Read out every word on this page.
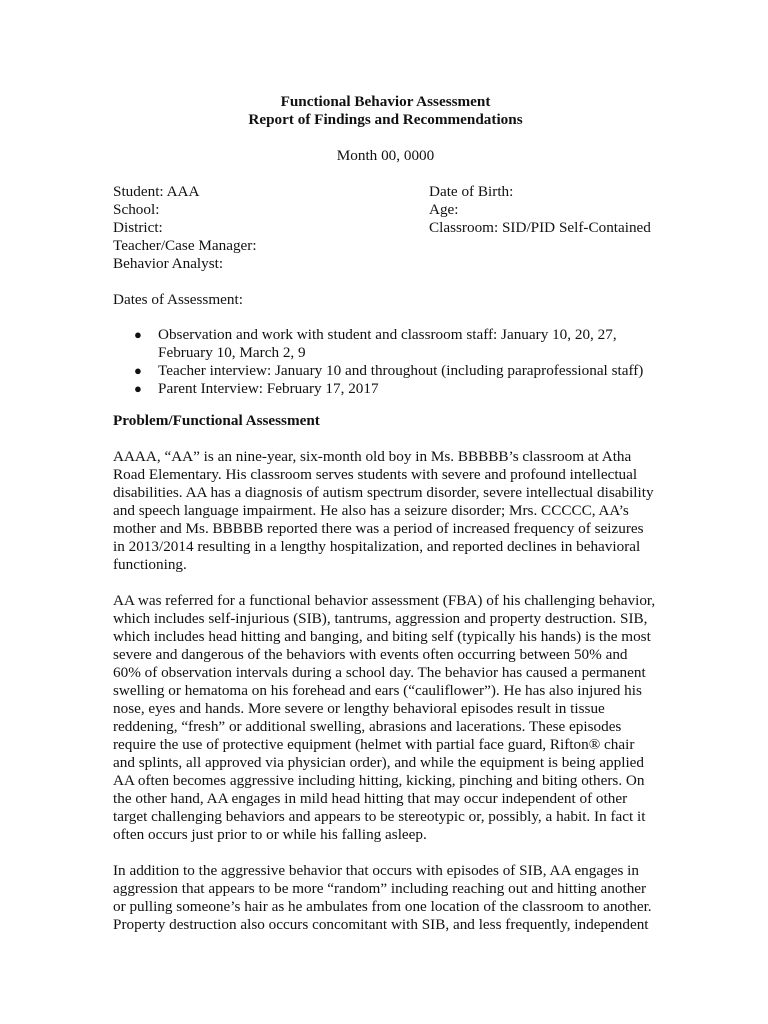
Functional Behavior Assessment
Report of Findings and Recommendations
Month 00, 0000
Student: AAA
School:
District:
Teacher/Case Manager:
Behavior Analyst:
Date of Birth:
Age:
Classroom: SID/PID Self-Contained
Dates of Assessment:
● Observation and work with student and classroom staff: January 10, 20, 27, February 10, March 2, 9
● Teacher interview: January 10 and throughout (including paraprofessional staff)
● Parent Interview: February 17, 2017
Problem/Functional Assessment

AAAA, “AA” is an nine-year, six-month old boy in Ms. BBBBB’s classroom at Atha Road Elementary. His classroom serves students with severe and profound intellectual disabilities. AA has a diagnosis of autism spectrum disorder, severe intellectual disability and speech language impairment. He also has a seizure disorder; Mrs. CCCCC, AA’s mother and Ms. BBBBB reported there was a period of increased frequency of seizures in 2013/2014 resulting in a lengthy hospitalization, and reported declines in behavioral functioning.

AA was referred for a functional behavior assessment (FBA) of his challenging behavior, which includes self-injurious (SIB), tantrums, aggression and property destruction. SIB, which includes head hitting and banging, and biting self (typically his hands) is the most severe and dangerous of the behaviors with events often occurring between 50% and 60% of observation intervals during a school day. The behavior has caused a permanent swelling or hematoma on his forehead and ears (“cauliflower”). He has also injured his nose, eyes and hands. More severe or lengthy behavioral episodes result in tissue reddening, “fresh” or additional swelling, abrasions and lacerations. These episodes require the use of protective equipment (helmet with partial face guard, Rifton® chair and splints, all approved via physician order), and while the equipment is being applied AA often becomes aggressive including hitting, kicking, pinching and biting others. On the other hand, AA engages in mild head hitting that may occur independent of other target challenging behaviors and appears to be stereotypic or, possibly, a habit. In fact it often occurs just prior to or while his falling asleep.

In addition to the aggressive behavior that occurs with episodes of SIB, AA engages in aggression that appears to be more “random” including reaching out and hitting another or pulling someone’s hair as he ambulates from one location of the classroom to another. Property destruction also occurs concomitant with SIB, and less frequently, independent
